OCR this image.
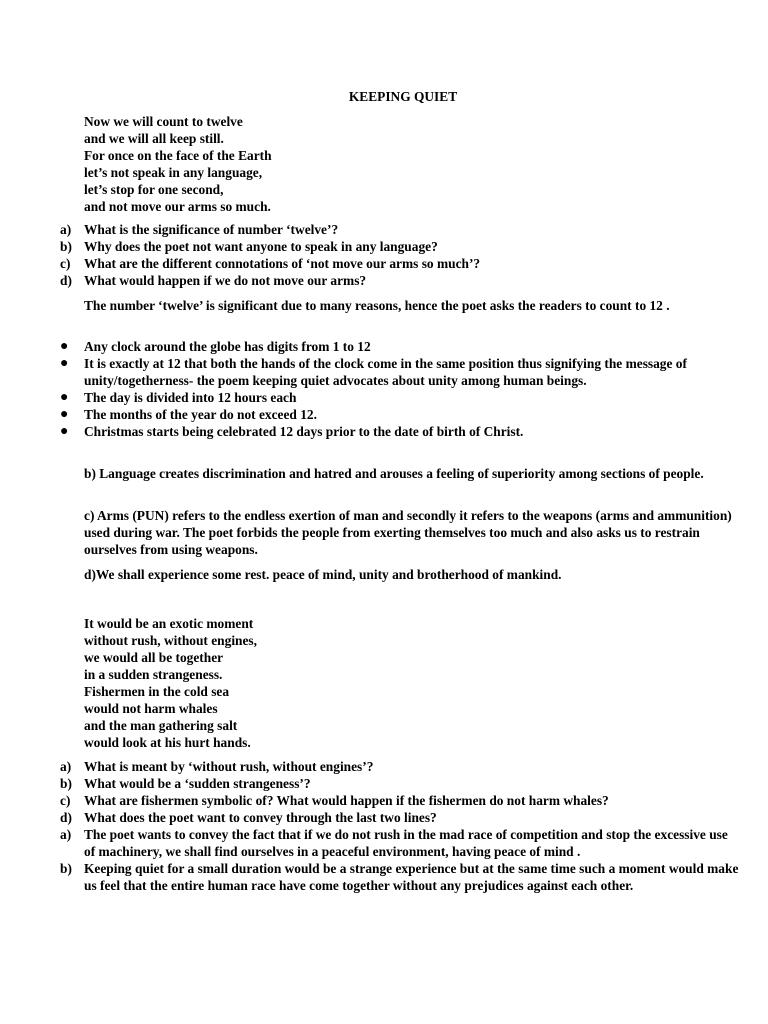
KEEPING QUIET
Now we will count to twelve
and we will all keep still.
For once on the face of the Earth
let’s not speak in any language,
let’s stop for one second,
and not move our arms so much.
a) What is the significance of number ‘twelve’?
b) Why does the poet not want anyone to speak in any language?
c)	What are the different connotations of ‘not move our arms so much’?
d) What would happen if we do not move our arms?
The number ‘twelve’ is significant due to many reasons, hence the poet asks the readers to count to 12 .
●	Any clock around the globe has digits from 1 to 12
●	It is exactly at 12 that both the hands of the clock come in the same position thus signifying the message of unity/togetherness- the poem keeping quiet advocates about unity among human beings.
●	The day is divided into 12 hours each
●	The months of the year do not exceed 12.
●	Christmas starts being celebrated 12 days prior to the date of birth of Christ.
b) Language creates discrimination and hatred and arouses a feeling of superiority among sections of people.
c) Arms (PUN) refers to the endless exertion of man and secondly it refers to the weapons (arms and ammunition) used during war. The poet forbids the people from exerting themselves too much and also asks us to restrain ourselves from using weapons.
d)We shall experience some rest. peace of mind, unity and brotherhood of mankind.
It would be an exotic moment
without rush, without engines,
we would all be together
in a sudden strangeness.
Fishermen in the cold sea
would not harm whales
and the man gathering salt
would look at his hurt hands.
a) What is meant by ‘without rush, without engines’?
b) What would be a ‘sudden strangeness’?
c)	What are fishermen symbolic of? What would happen if the fishermen do not harm whales?
d) What does the poet want to convey through the last two lines?
a) The poet wants to convey the fact that if we do not rush in the mad race of competition and stop the excessive use of machinery, we shall find ourselves in a peaceful environment, having peace of mind .
b) Keeping quiet for a small duration would be a strange experience but at the same time such a moment would make us feel that the entire human race have come together without any prejudices against each other.
